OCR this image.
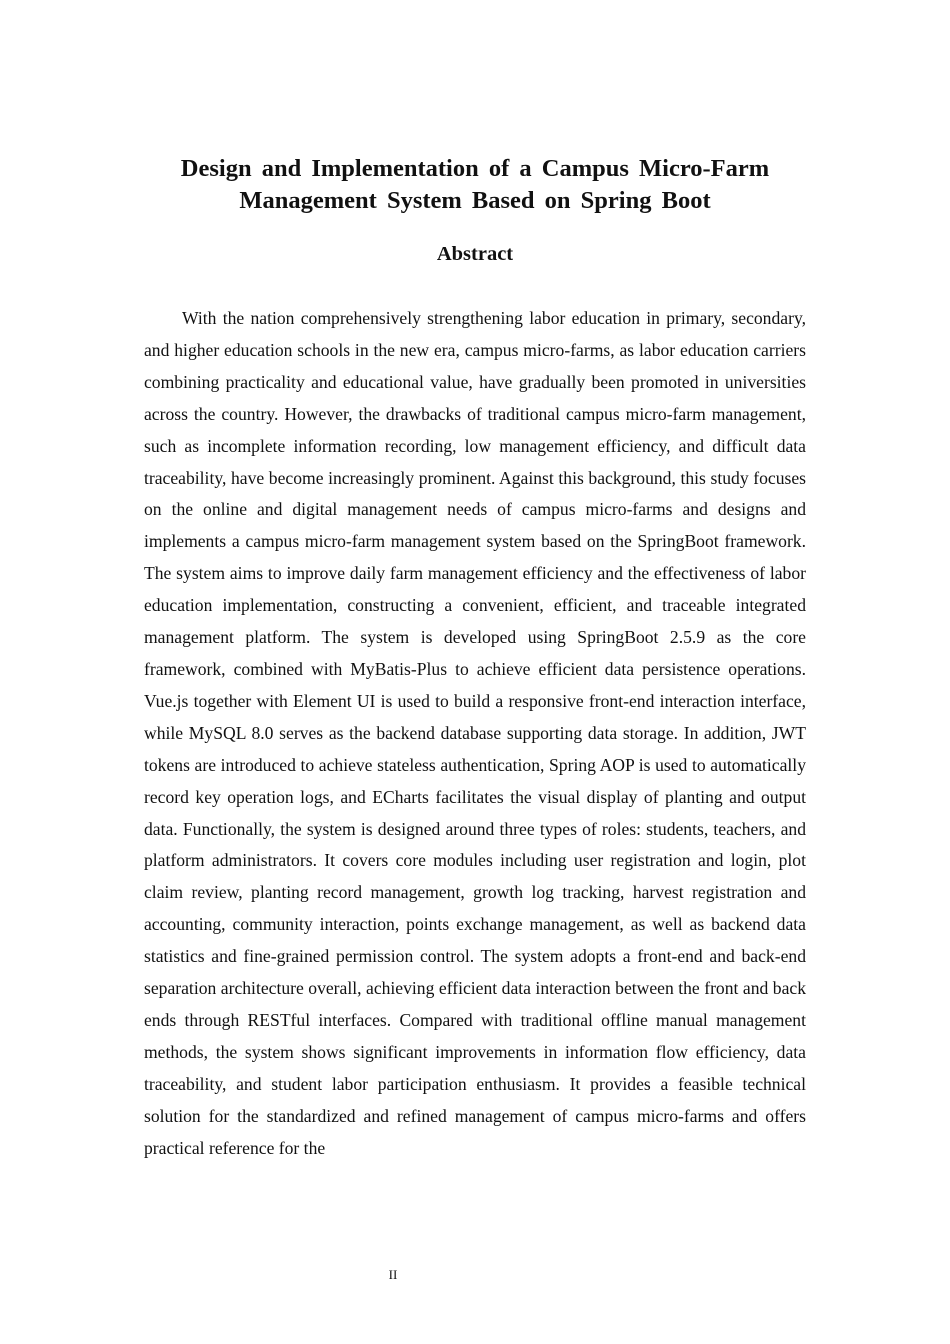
Design and Implementation of a Campus Micro-Farm Management System Based on Spring Boot
Abstract

With the nation comprehensively strengthening labor education in primary, secondary, and higher education schools in the new era, campus micro-farms, as labor education carriers combining practicality and educational value, have gradually been promoted in universities across the country. However, the drawbacks of traditional campus micro-farm management, such as incomplete information recording, low management efficiency, and difficult data traceability, have become increasingly prominent. Against this background, this study focuses on the online and digital management needs of campus micro-farms and designs and implements a campus micro-farm management system based on the SpringBoot framework. The system aims to improve daily farm management efficiency and the effectiveness of labor education implementation, constructing a convenient, efficient, and traceable integrated management platform. The system is developed using SpringBoot 2.5.9 as the core framework, combined with MyBatis-Plus to achieve efficient data persistence operations. Vue.js together with Element UI is used to build a responsive front-end interaction interface, while MySQL 8.0 serves as the backend database supporting data storage. In addition, JWT tokens are introduced to achieve stateless authentication, Spring AOP is used to automatically record key operation logs, and ECharts facilitates the visual display of planting and output data. Functionally, the system is designed around three types of roles: students, teachers, and platform administrators. It covers core modules including user registration and login, plot claim review, planting record management, growth log tracking, harvest registration and accounting, community interaction, points exchange management, as well as backend data statistics and fine-grained permission control. The system adopts a front-end and back-end separation architecture overall, achieving efficient data interaction between the front and back ends through RESTful interfaces. Compared with traditional offline manual management methods, the system shows significant improvements in information flow efficiency, data traceability, and student labor participation enthusiasm. It provides a feasible technical solution for the standardized and refined management of campus micro-farms and offers practical reference for the

II
